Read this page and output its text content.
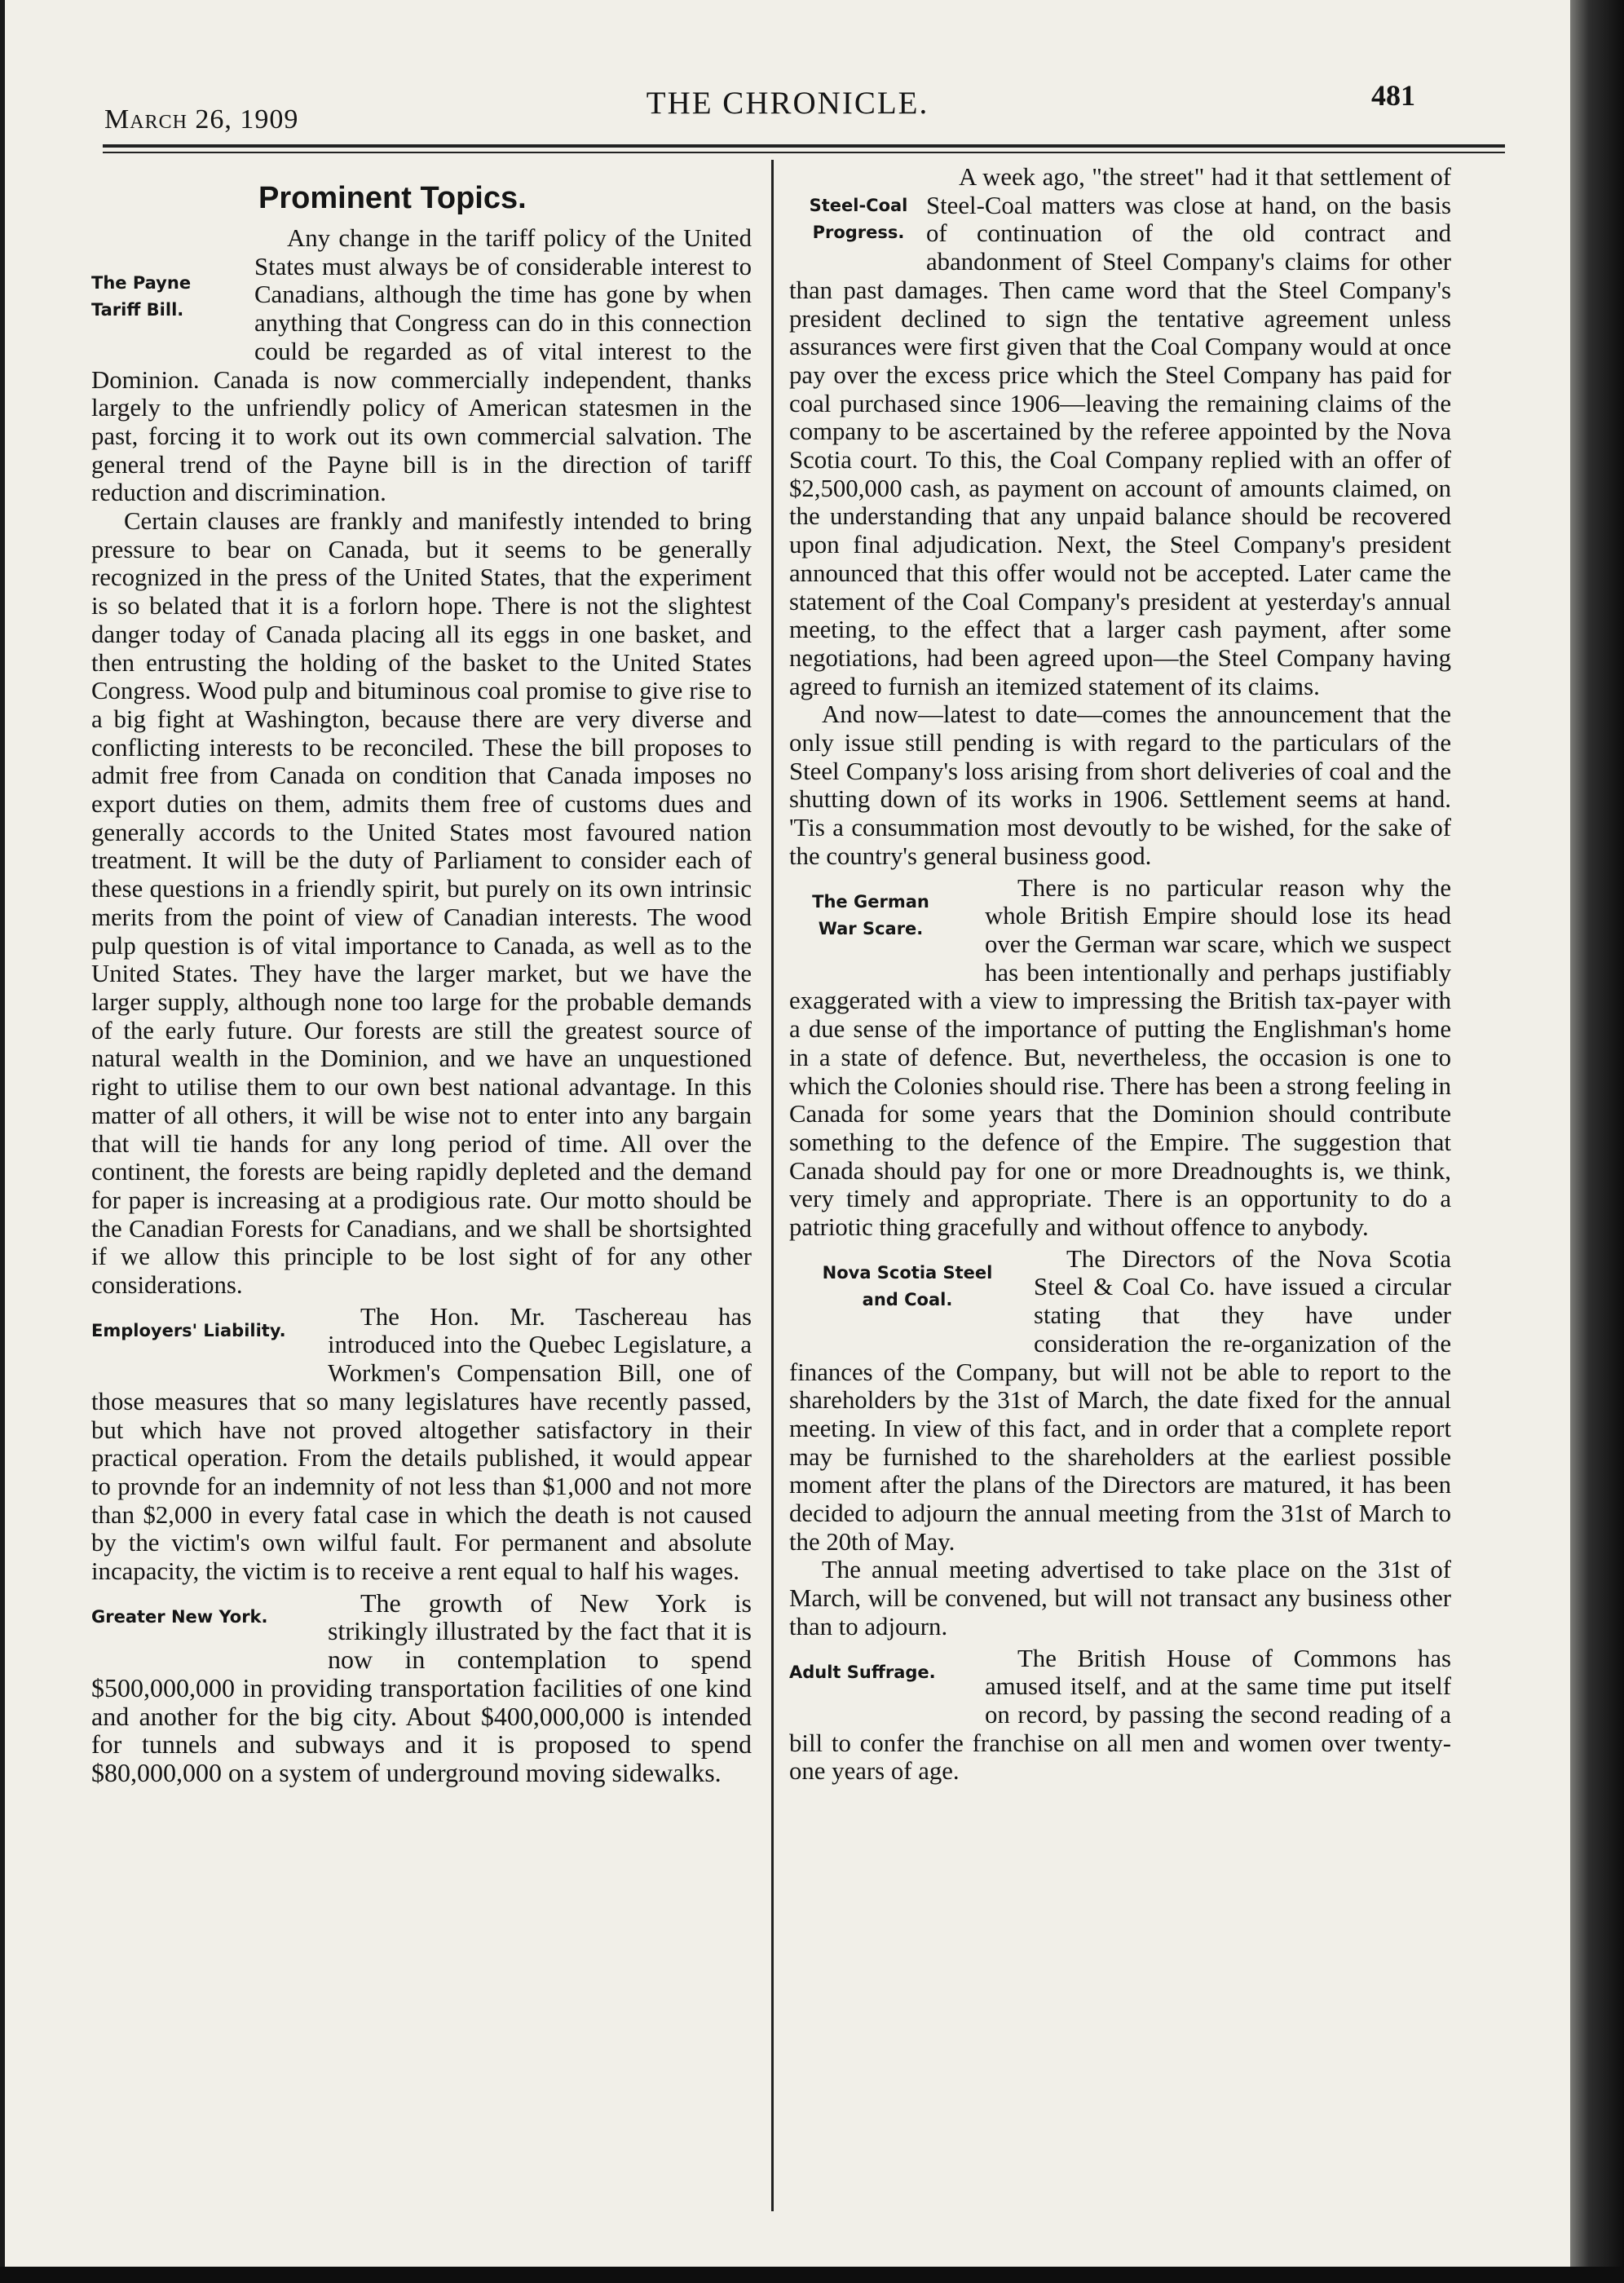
March 26, 1909	THE CHRONICLE.	481
Prominent Topics.
The Payne
Tariff Bill.

Any change in the tariff policy of the United States must always be of considerable interest to Canadians, although the time has gone by when anything that Congress can do in this connection could be regarded as of vital interest to the Dominion. Canada is now commercially independent, thanks largely to the unfriendly policy of American statesmen in the past, forcing it to work out its own commercial salvation. The general trend of the Payne bill is in the direction of tariff reduction and discrimination.

Certain clauses are frankly and manifestly intended to bring pressure to bear on Canada, but it seems to be generally recognized in the press of the United States, that the experiment is so belated that it is a forlorn hope. There is not the slightest danger today of Canada placing all its eggs in one basket, and then entrusting the holding of the basket to the United States Congress. Wood pulp and bituminous coal promise to give rise to a big fight at Washington, because there are very diverse and conflicting interests to be reconciled. These the bill proposes to admit free from Canada on condition that Canada imposes no export duties on them, admits them free of customs dues and generally accords to the United States most favoured nation treatment. It will be the duty of Parliament to consider each of these questions in a friendly spirit, but purely on its own intrinsic merits from the point of view of Canadian interests. The wood pulp question is of vital importance to Canada, as well as to the United States. They have the larger market, but we have the larger supply, although none too large for the probable demands of the early future. Our forests are still the greatest source of natural wealth in the Dominion, and we have an unquestioned right to utilise them to our own best national advantage. In this matter of all others, it will be wise not to enter into any bargain that will tie hands for any long period of time. All over the continent, the forests are being rapidly depleted and the demand for paper is increasing at a prodigious rate. Our motto should be the Canadian Forests for Canadians, and we shall be shortsighted if we allow this principle to be lost sight of for any other considerations.

Employers' Liability.	The Hon. Mr. Taschereau has introduced into the Quebec Legislature, a Workmen's Compensation Bill, one of those measures that so many legislatures have recently passed, but which have not proved altogether satisfactory in their practical operation. From the details published, it would appear to provnde for an indemnity of not less than $1,000 and not more than $2,000 in every fatal case in which the death is not caused by the victim's own wilful fault. For permanent and absolute incapacity, the victim is to receive a rent equal to half his wages.

Greater New York.	The growth of New York is strikingly illustrated by the fact that it is now in contemplation to spend $500,000,000 in providing transportation facilities of one kind and another for the big city. About $400,000,000 is intended for tunnels and subways and it is proposed to spend $80,000,000 on a system of underground moving sidewalks.

Steel-Coal
Progress.

A week ago, "the street" had it that settlement of Steel-Coal matters was close at hand, on the basis of continuation of the old contract and abandonment of Steel Company's claims for other than past damages. Then came word that the Steel Company's president declined to sign the tentative agreement unless assurances were first given that the Coal Company would at once pay over the excess price which the Steel Company has paid for coal purchased since 1906—leaving the remaining claims of the company to be ascertained by the referee appointed by the Nova Scotia court. To this, the Coal Company replied with an offer of $2,500,000 cash, as payment on account of amounts claimed, on the understanding that any unpaid balance should be recovered upon final adjudication. Next, the Steel Company's president announced that this offer would not be accepted. Later came the statement of the Coal Company's president at yesterday's annual meeting, to the effect that a larger cash payment, after some negotiations, had been agreed upon—the Steel Company having agreed to furnish an itemized statement of its claims.

And now—latest to date—comes the announcement that the only issue still pending is with regard to the particulars of the Steel Company's loss arising from short deliveries of coal and the shutting down of its works in 1906. Settlement seems at hand. 'Tis a consummation most devoutly to be wished, for the sake of the country's general business good.

The German
War Scare.

There is no particular reason why the whole British Empire should lose its head over the German war scare, which we suspect has been intentionally and perhaps justifiably exaggerated with a view to impressing the British tax-payer with a due sense of the importance of putting the Englishman's home in a state of defence. But, nevertheless, the occasion is one to which the Colonies should rise. There has been a strong feeling in Canada for some years that the Dominion should contribute something to the defence of the Empire. The suggestion that Canada should pay for one or more Dreadnoughts is, we think, very timely and appropriate. There is an opportunity to do a patriotic thing gracefully and without offence to anybody.

Nova Scotia Steel
and Coal.

The Directors of the Nova Scotia Steel & Coal Co. have issued a circular stating that they have under consideration the re-organization of the finances of the Company, but will not be able to report to the shareholders by the 31st of March, the date fixed for the annual meeting. In view of this fact, and in order that a complete report may be furnished to the shareholders at the earliest possible moment after the plans of the Directors are matured, it has been decided to adjourn the annual meeting from the 31st of March to the 20th of May.

The annual meeting advertised to take place on the 31st of March, will be convened, but will not transact any business other than to adjourn.

Adult Suffrage.	The British House of Commons has amused itself, and at the same time put itself on record, by passing the second reading of a bill to confer the franchise on all men and women over twenty-one years of age.
